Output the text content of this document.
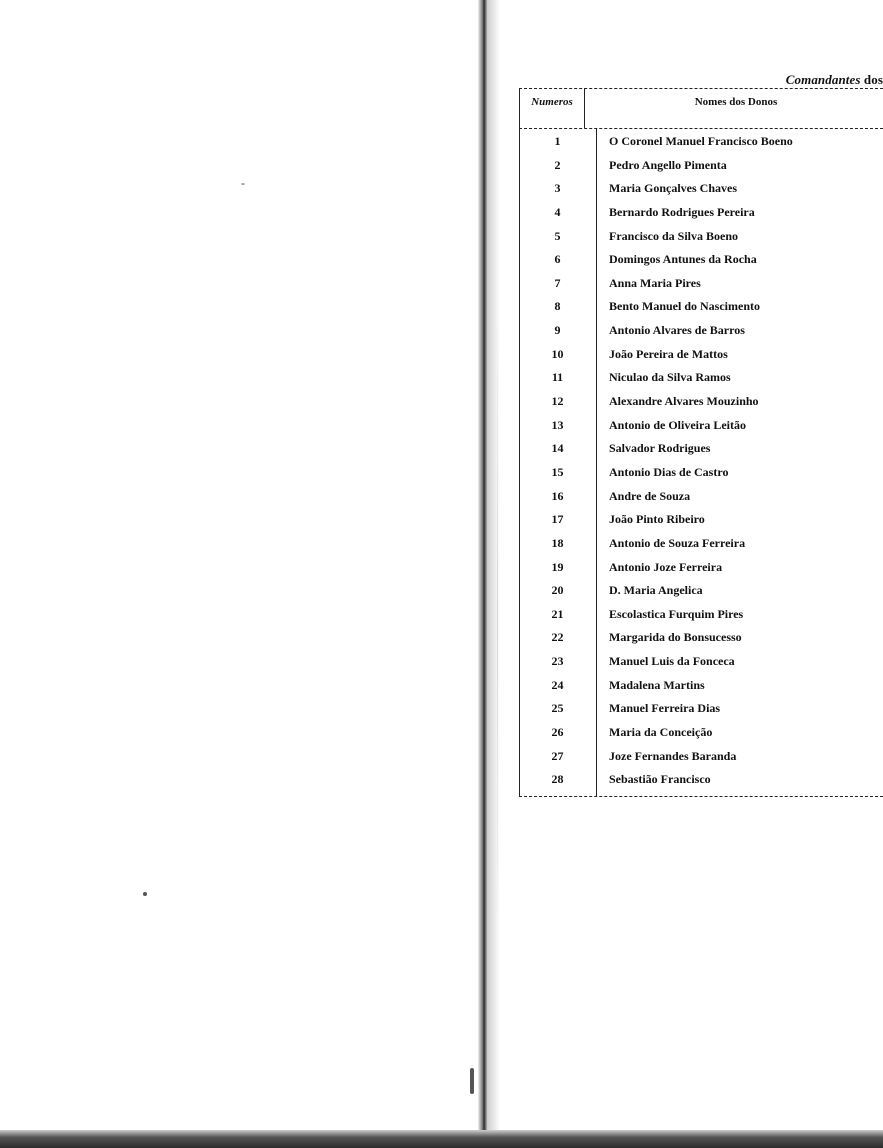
Comandantes dos
Numeros	Nomes dos Donos
1	O Coronel Manuel Francisco Boeno
2	Pedro Angello Pimenta
3	Maria Gonçalves Chaves
4	Bernardo Rodrigues Pereira
5	Francisco da Silva Boeno
6	Domingos Antunes da Rocha
7	Anna Maria Pires
8	Bento Manuel do Nascimento
9	Antonio Alvares de Barros
10	João Pereira de Mattos
11	Niculao da Silva Ramos
12	Alexandre Alvares Mouzinho
13	Antonio de Oliveira Leitão
14	Salvador Rodrigues
15	Antonio Dias de Castro
16	Andre de Souza
17	João Pinto Ribeiro
18	Antonio de Souza Ferreira
19	Antonio Joze Ferreira
20	D. Maria Angelica
21	Escolastica Furquim Pires
22	Margarida do Bonsucesso
23	Manuel Luis da Fonceca
24	Madalena Martins
25	Manuel Ferreira Dias
26	Maria da Conceição
27	Joze Fernandes Baranda
28	Sebastião Francisco
